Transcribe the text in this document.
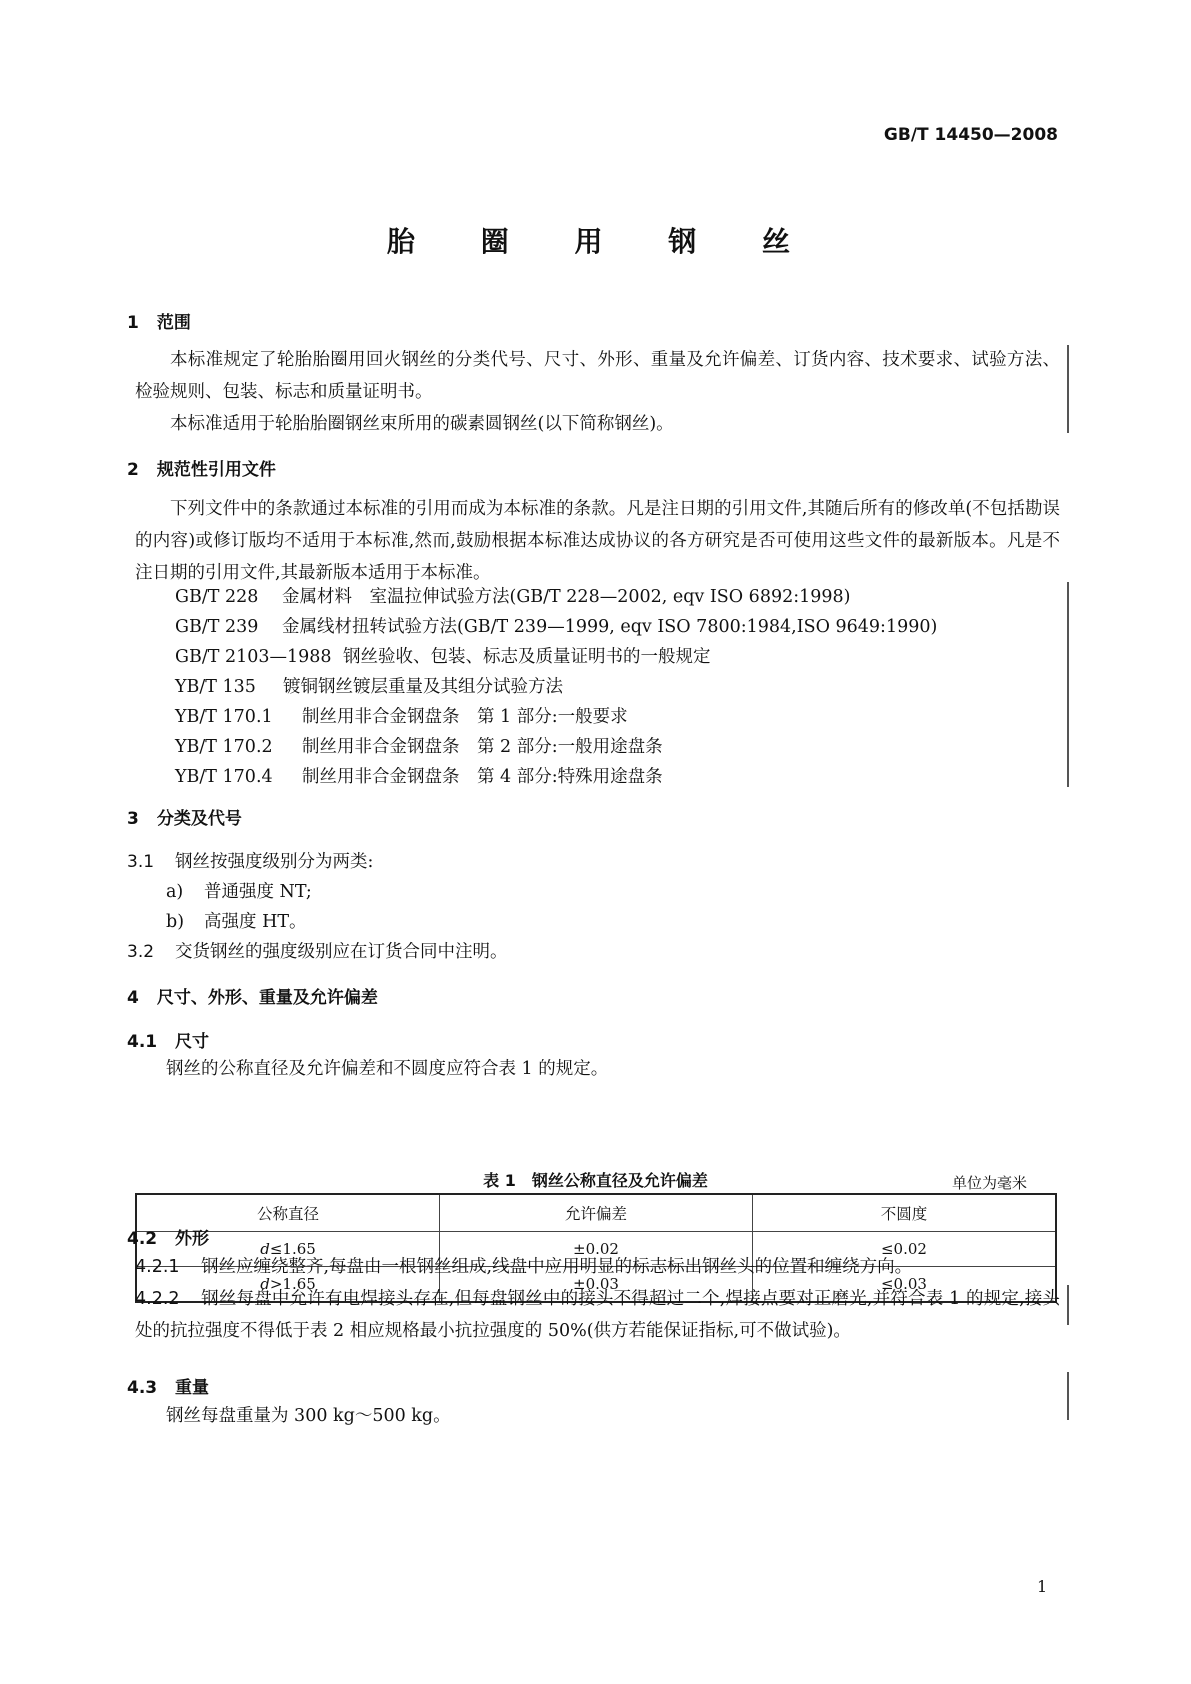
GB/T 14450—2008
胎 圈 用 钢 丝
1 范围
本标准规定了轮胎胎圈用回火钢丝的分类代号、尺寸、外形、重量及允许偏差、订货内容、技术要求、试验方法、检验规则、包装、标志和质量证明书。
本标准适用于轮胎胎圈钢丝束所用的碳素圆钢丝(以下简称钢丝)。
2 规范性引用文件
下列文件中的条款通过本标准的引用而成为本标准的条款。凡是注日期的引用文件,其随后所有的修改单(不包括勘误的内容)或修订版均不适用于本标准,然而,鼓励根据本标准达成协议的各方研究是否可使用这些文件的最新版本。凡是不注日期的引用文件,其最新版本适用于本标准。
GB/T 228 金属材料　室温拉伸试验方法(GB/T 228—2002, eqv ISO 6892:1998)
GB/T 239 金属线材扭转试验方法(GB/T 239—1999, eqv ISO 7800:1984,ISO 9649:1990)
GB/T 2103—1988 钢丝验收、包装、标志及质量证明书的一般规定
YB/T 135 镀铜钢丝镀层重量及其组分试验方法
YB/T 170.1 制丝用非合金钢盘条　第 1 部分:一般要求
YB/T 170.2 制丝用非合金钢盘条　第 2 部分:一般用途盘条
YB/T 170.4 制丝用非合金钢盘条　第 4 部分:特殊用途盘条
3 分类及代号
3.1 钢丝按强度级别分为两类:
a) 普通强度 NT;
b) 高强度 HT。
3.2 交货钢丝的强度级别应在订货合同中注明。
4 尺寸、外形、重量及允许偏差
4.1 尺寸
钢丝的公称直径及允许偏差和不圆度应符合表 1 的规定。
表 1　钢丝公称直径及允许偏差	单位为毫米
公称直径	允许偏差	不圆度
d≤1.65	±0.02	≤0.02
d>1.65	±0.03	≤0.03
4.2 外形
4.2.1 钢丝应缠绕整齐,每盘由一根钢丝组成,线盘中应用明显的标志标出钢丝头的位置和缠绕方向。
4.2.2 钢丝每盘中允许有电焊接头存在,但每盘钢丝中的接头不得超过二个,焊接点要对正磨光,并符合表 1 的规定,接头处的抗拉强度不得低于表 2 相应规格最小抗拉强度的 50%(供方若能保证指标,可不做试验)。
4.3 重量
钢丝每盘重量为 300 kg～500 kg。
1
